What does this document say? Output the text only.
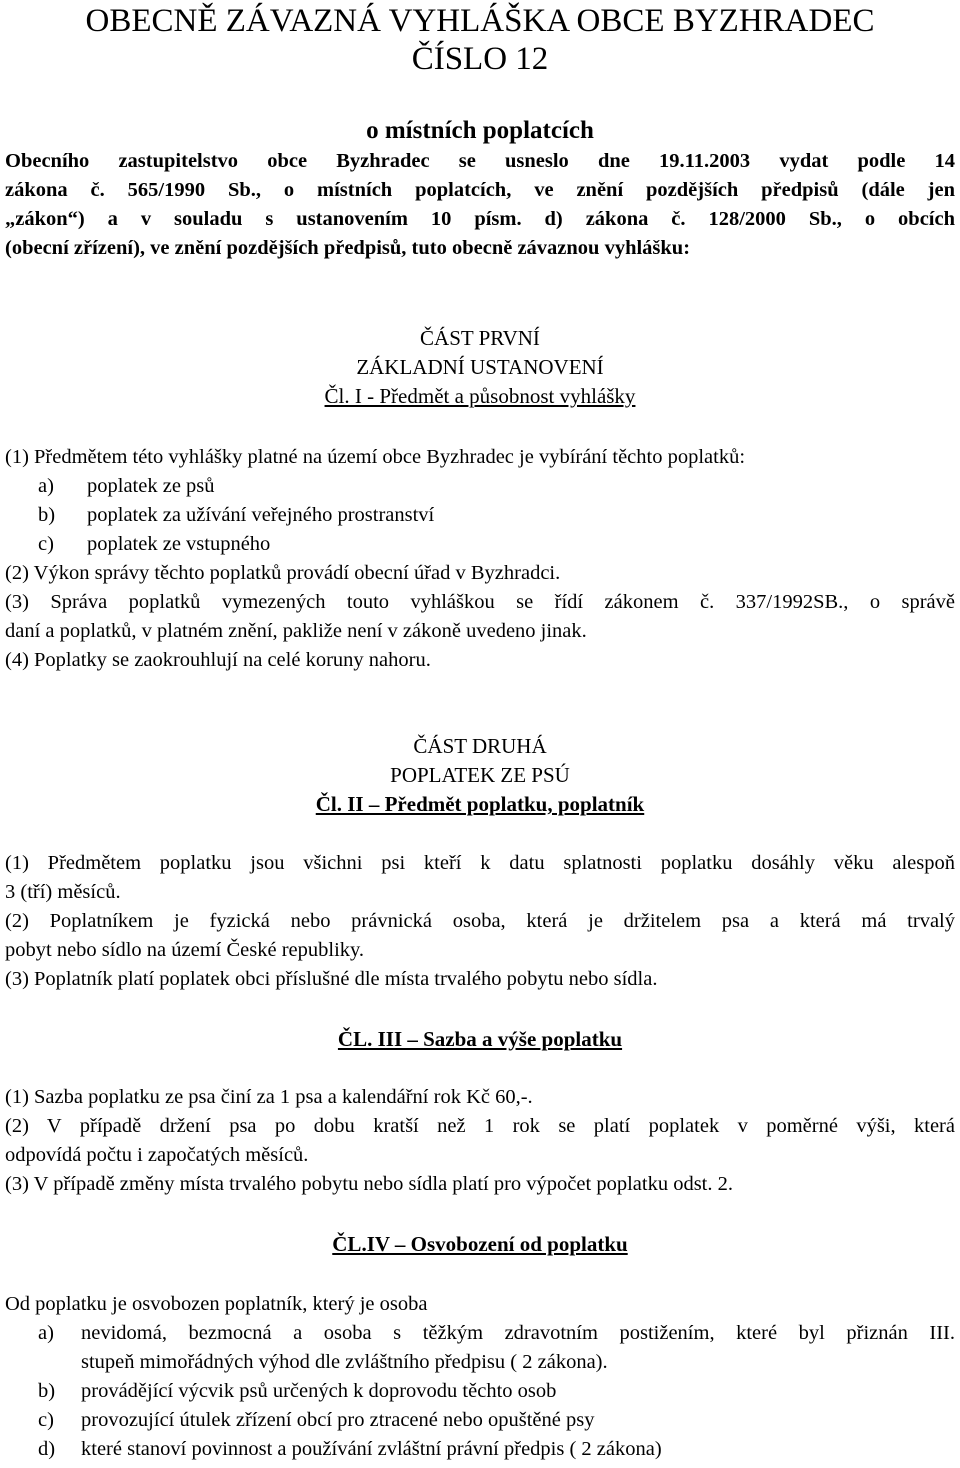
OBECNĚ ZÁVAZNÁ VYHLÁŠKA OBCE BYZHRADEC
ČÍSLO 12
o místních poplatcích
Obecního zastupitelstvo obce Byzhradec se usneslo dne 19.11.2003 vydat podle 14
zákona č. 565/1990 Sb., o místních poplatcích, ve znění pozdějších předpisů (dále jen
„zákon“) a v souladu s ustanovením 10 písm. d) zákona č. 128/2000 Sb., o obcích
(obecní zřízení), ve znění pozdějších předpisů, tuto obecně závaznou vyhlášku:
ČÁST PRVNÍ
ZÁKLADNÍ USTANOVENÍ
Čl. I - Předmět a působnost vyhlášky
(1) Předmětem této vyhlášky platné na území obce Byzhradec je vybírání těchto poplatků:
a) poplatek ze psů
b) poplatek za užívání veřejného prostranství
c) poplatek ze vstupného
(2) Výkon správy těchto poplatků provádí obecní úřad v Byzhradci.
(3) Správa poplatků vymezených touto vyhláškou se řídí zákonem č. 337/1992SB., o správě
daní a poplatků, v platném znění, pakliže není v zákoně uvedeno jinak.
(4) Poplatky se zaokrouhlují na celé koruny nahoru.
ČÁST DRUHÁ
POPLATEK ZE PSÚ
Čl. II – Předmět poplatku, poplatník
(1) Předmětem poplatku jsou všichni psi kteří k datu splatnosti poplatku dosáhly věku alespoň
3 (tří) měsíců.
(2) Poplatníkem je fyzická nebo právnická osoba, která je držitelem psa a která má trvalý
pobyt nebo sídlo na území České republiky.
(3) Poplatník platí poplatek obci příslušné dle místa trvalého pobytu nebo sídla.
ČL. III – Sazba a výše poplatku
(1) Sazba poplatku ze psa činí za 1 psa a kalendářní rok Kč 60,-.
(2) V případě držení psa po dobu kratší než 1 rok se platí poplatek v poměrné výši, která
odpovídá počtu i započatých měsíců.
(3) V případě změny místa trvalého pobytu nebo sídla platí pro výpočet poplatku odst. 2.
ČL.IV – Osvobození od poplatku
Od poplatku je osvobozen poplatník, který je osoba
a) nevidomá, bezmocná a osoba s těžkým zdravotním postižením, které byl přiznán III.
stupeň mimořádných výhod dle zvláštního předpisu ( 2 zákona).
b) provádějící výcvik psů určených k doprovodu těchto osob
c) provozující útulek zřízení obcí pro ztracené nebo opuštěné psy
d) které stanoví povinnost a používání zvláštní právní předpis ( 2 zákona)
